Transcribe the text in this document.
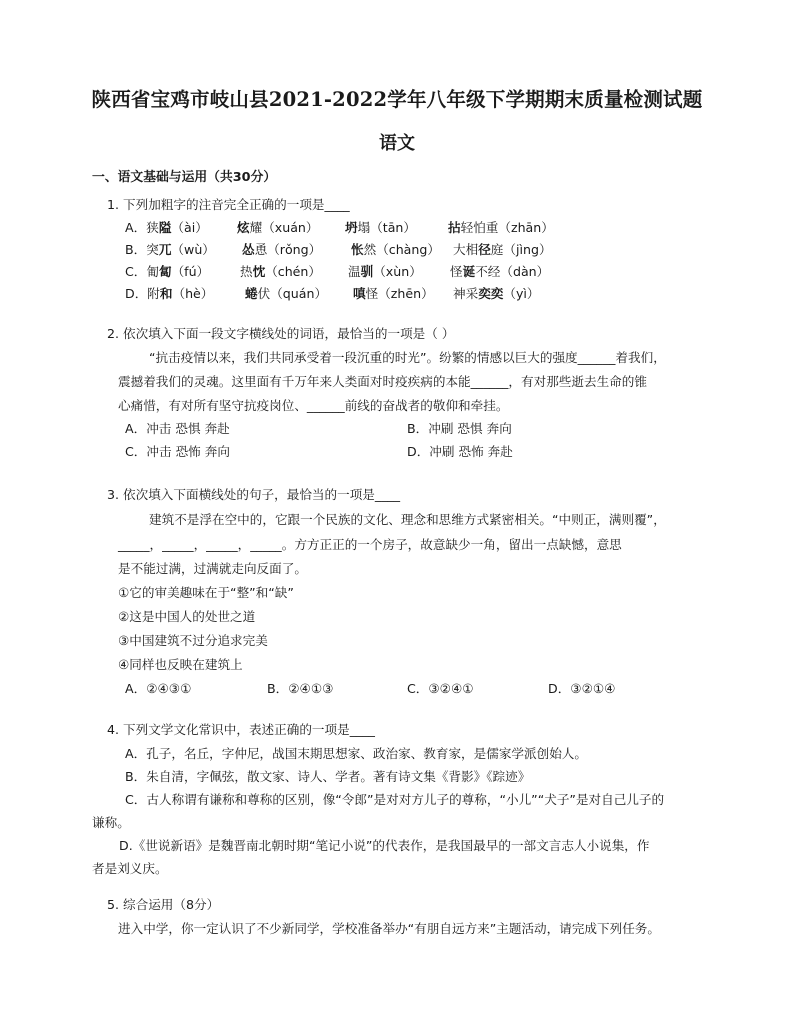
陕西省宝鸡市岐山县2021-2022学年八年级下学期期末质量检测试题
语文
一、语文基础与运用（共30分）
1. 下列加粗字的注音完全正确的一项是____
A．狭隘（ài） 炫耀（xuán） 坍塌（tān）	拈轻怕重（zhān）
B．突兀（wù） 怂恿（rǒng） 怅然（chàng） 大相径庭（jìng）
C．匍匐（fú） 热忱（chén） 温驯（xùn） 怪诞不经（dàn）
D．附和（hè）	蜷伏（quán） 嗔怪（zhēn） 神采奕奕（yì）
2. 依次填入下面一段文字横线处的词语，最恰当的一项是（ ）
“抗击疫情以来，我们共同承受着一段沉重的时光”。纷繁的情感以巨大的强度______着我们，
震撼着我们的灵魂。这里面有千万年来人类面对时疫疾病的本能______，有对那些逝去生命的锥
心痛惜，有对所有坚守抗疫岗位、______前线的奋战者的敬仰和牵挂。
A．冲击 恐惧 奔赴	B．冲刷 恐惧 奔向
C．冲击 恐怖 奔向	D．冲刷 恐怖 奔赴
3. 依次填入下面横线处的句子，最恰当的一项是____
建筑不是浮在空中的，它跟一个民族的文化、理念和思维方式紧密相关。“中则正，满则覆”，
_____，_____，_____，_____。方方正正的一个房子，故意缺少一角，留出一点缺憾，意思
是不能过满，过满就走向反面了。
①它的审美趣味在于“整”和“缺”
②这是中国人的处世之道
③中国建筑不过分追求完美
④同样也反映在建筑上
A．②④③①	B．②④①③	C．③②④①	D．③②①④
4. 下列文学文化常识中，表述正确的一项是____
A．孔子，名丘，字仲尼，战国末期思想家、政治家、教育家，是儒家学派创始人。
B．朱自清，字佩弦，散文家、诗人、学者。著有诗文集《背影》《踪迹》
C．古人称谓有谦称和尊称的区别，像“令郎”是对对方儿子的尊称，“小儿”“犬子”是对自己儿子的
谦称。
D.《世说新语》是魏晋南北朝时期“笔记小说”的代表作，是我国最早的一部文言志人小说集，作
者是刘义庆。
5. 综合运用（8分）
进入中学，你一定认识了不少新同学，学校准备举办“有朋自远方来”主题活动，请完成下列任务。
